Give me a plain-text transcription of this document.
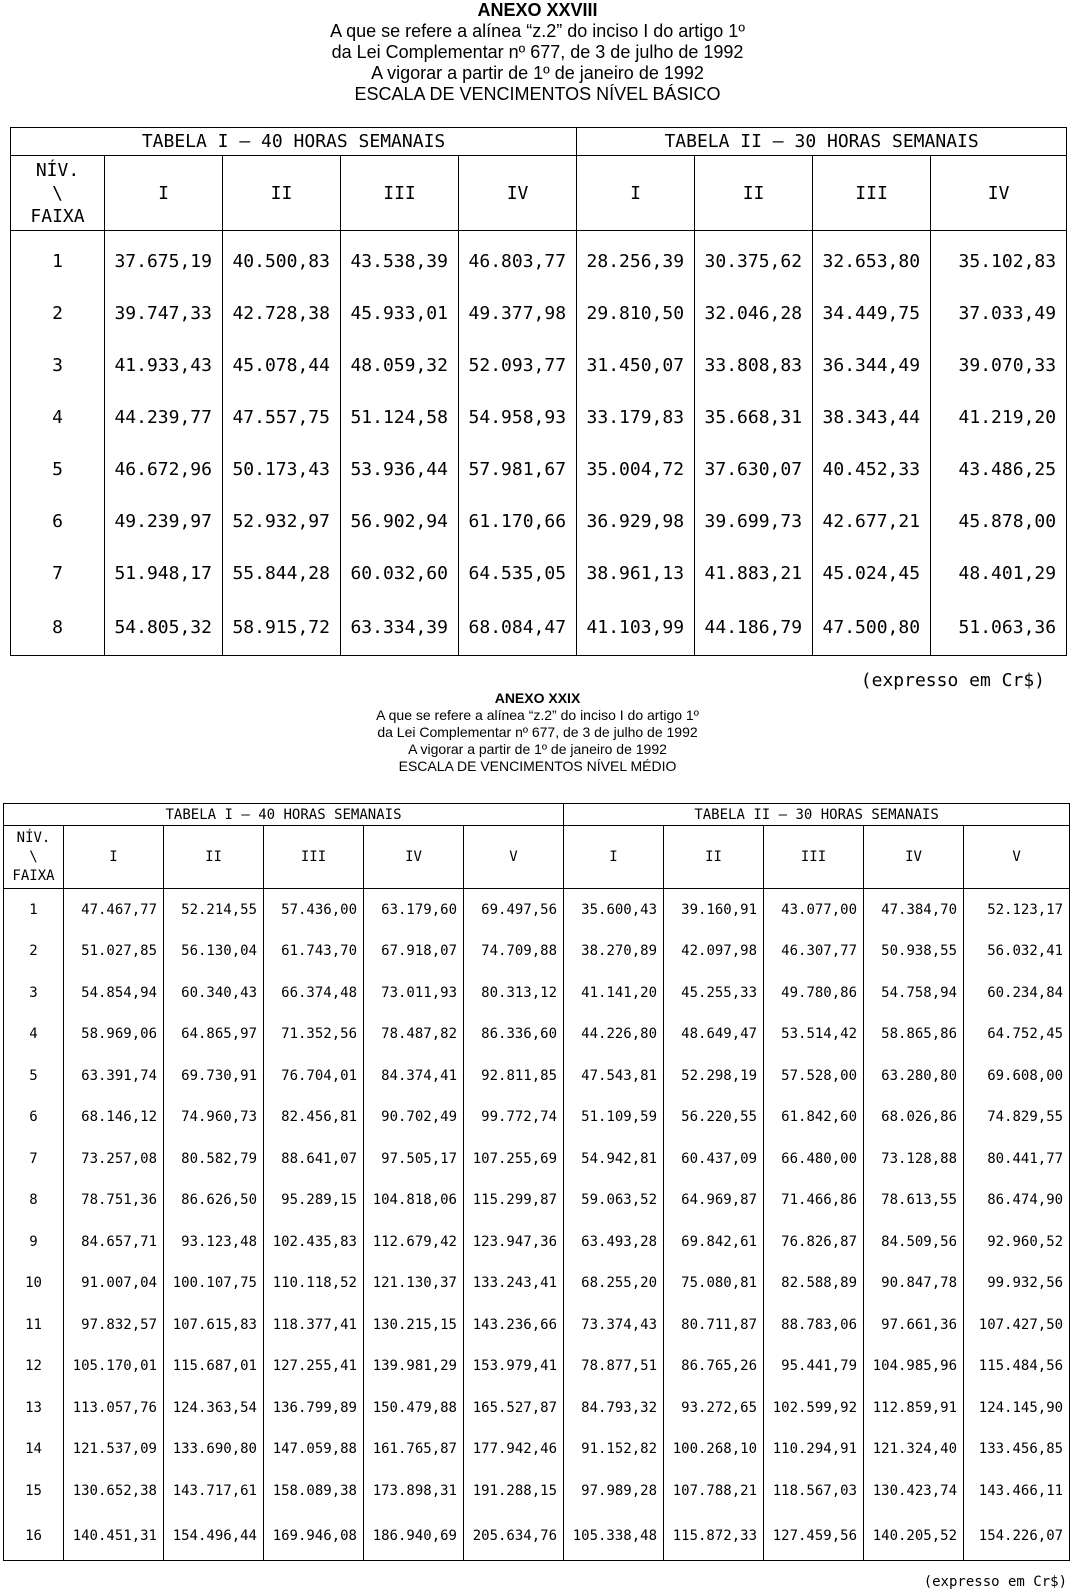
ANEXO XXVIII
A que se refere a alínea “z.2” do inciso I do artigo 1º
da Lei Complementar nº 677, de 3 de julho de 1992
A vigorar a partir de 1º de janeiro de 1992
ESCALA DE VENCIMENTOS NÍVEL BÁSICO
TABELA I – 40 HORAS SEMANAIS					TABELA II – 30 HORAS SEMANAIS			
NÍV.
\
FAIXA	I	II	III	IV	I	II	III	IV
1	37.675,19	40.500,83	43.538,39	46.803,77	28.256,39	30.375,62	32.653,80	35.102,83
2	39.747,33	42.728,38	45.933,01	49.377,98	29.810,50	32.046,28	34.449,75	37.033,49
3	41.933,43	45.078,44	48.059,32	52.093,77	31.450,07	33.808,83	36.344,49	39.070,33
4	44.239,77	47.557,75	51.124,58	54.958,93	33.179,83	35.668,31	38.343,44	41.219,20
5	46.672,96	50.173,43	53.936,44	57.981,67	35.004,72	37.630,07	40.452,33	43.486,25
6	49.239,97	52.932,97	56.902,94	61.170,66	36.929,98	39.699,73	42.677,21	45.878,00
7	51.948,17	55.844,28	60.032,60	64.535,05	38.961,13	41.883,21	45.024,45	48.401,29
8	54.805,32	58.915,72	63.334,39	68.084,47	41.103,99	44.186,79	47.500,80	51.063,36
(expresso em Cr$)
ANEXO XXIX
A que se refere a alínea “z.2” do inciso I do artigo 1º
da Lei Complementar nº 677, de 3 de julho de 1992
A vigorar a partir de 1º de janeiro de 1992
ESCALA DE VENCIMENTOS NÍVEL MÉDIO
TABELA I – 40 HORAS SEMANAIS						TABELA II – 30 HORAS SEMANAIS				
NÍV.
\
FAIXA	I	II	III	IV	V	I	II	III	IV	V
1	47.467,77	52.214,55	57.436,00	63.179,60	69.497,56	35.600,43	39.160,91	43.077,00	47.384,70	52.123,17
2	51.027,85	56.130,04	61.743,70	67.918,07	74.709,88	38.270,89	42.097,98	46.307,77	50.938,55	56.032,41
3	54.854,94	60.340,43	66.374,48	73.011,93	80.313,12	41.141,20	45.255,33	49.780,86	54.758,94	60.234,84
4	58.969,06	64.865,97	71.352,56	78.487,82	86.336,60	44.226,80	48.649,47	53.514,42	58.865,86	64.752,45
5	63.391,74	69.730,91	76.704,01	84.374,41	92.811,85	47.543,81	52.298,19	57.528,00	63.280,80	69.608,00
6	68.146,12	74.960,73	82.456,81	90.702,49	99.772,74	51.109,59	56.220,55	61.842,60	68.026,86	74.829,55
7	73.257,08	80.582,79	88.641,07	97.505,17	107.255,69	54.942,81	60.437,09	66.480,00	73.128,88	80.441,77
8	78.751,36	86.626,50	95.289,15	104.818,06	115.299,87	59.063,52	64.969,87	71.466,86	78.613,55	86.474,90
9	84.657,71	93.123,48	102.435,83	112.679,42	123.947,36	63.493,28	69.842,61	76.826,87	84.509,56	92.960,52
10	91.007,04	100.107,75	110.118,52	121.130,37	133.243,41	68.255,20	75.080,81	82.588,89	90.847,78	99.932,56
11	97.832,57	107.615,83	118.377,41	130.215,15	143.236,66	73.374,43	80.711,87	88.783,06	97.661,36	107.427,50
12	105.170,01	115.687,01	127.255,41	139.981,29	153.979,41	78.877,51	86.765,26	95.441,79	104.985,96	115.484,56
13	113.057,76	124.363,54	136.799,89	150.479,88	165.527,87	84.793,32	93.272,65	102.599,92	112.859,91	124.145,90
14	121.537,09	133.690,80	147.059,88	161.765,87	177.942,46	91.152,82	100.268,10	110.294,91	121.324,40	133.456,85
15	130.652,38	143.717,61	158.089,38	173.898,31	191.288,15	97.989,28	107.788,21	118.567,03	130.423,74	143.466,11
16	140.451,31	154.496,44	169.946,08	186.940,69	205.634,76	105.338,48	115.872,33	127.459,56	140.205,52	154.226,07
(expresso em Cr$)
